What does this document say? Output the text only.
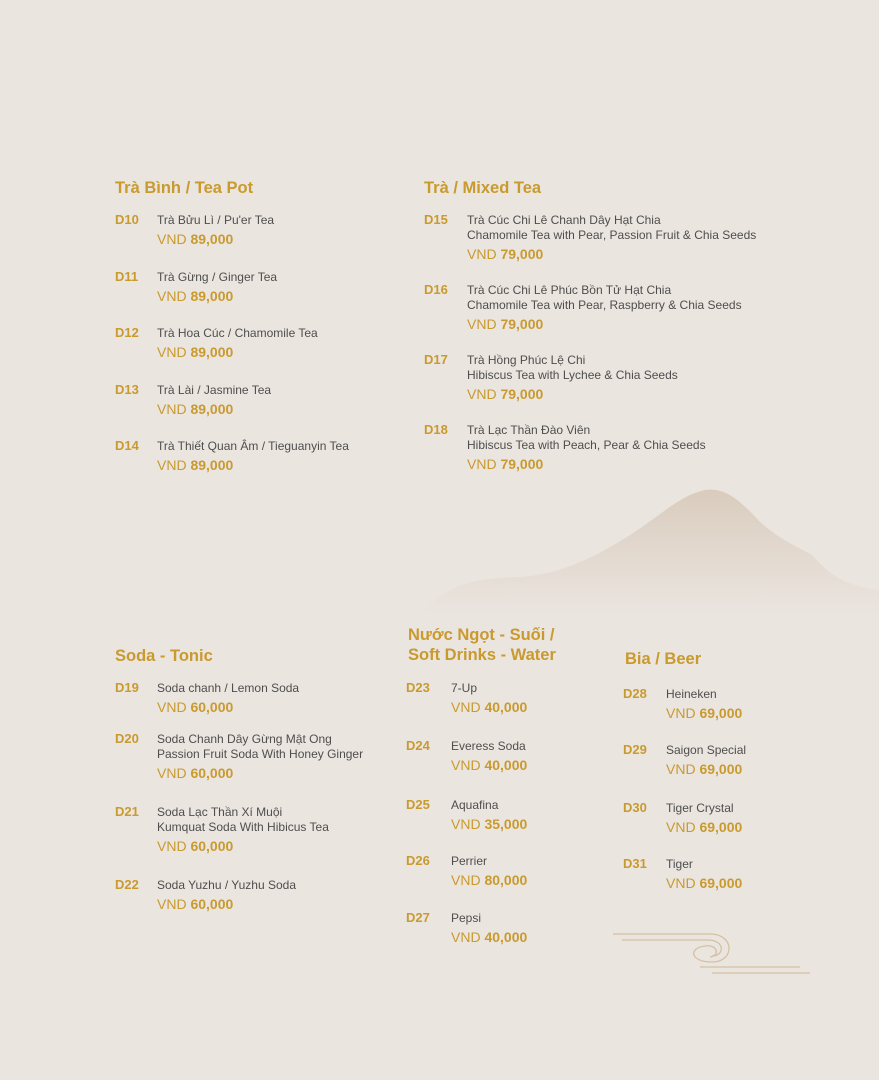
Trà Bình / Tea Pot
D10 Trà Bửu Lì / Pu'er Tea
VND 89,000
D11 Trà Gừng / Ginger Tea
VND 89,000
D12 Trà Hoa Cúc / Chamomile Tea
VND 89,000
D13 Trà Lài / Jasmine Tea
VND 89,000
D14 Trà Thiết Quan Âm / Tieguanyin Tea
VND 89,000
Trà / Mixed Tea
D15 Trà Cúc Chi Lê Chanh Dây Hạt Chia
Chamomile Tea with Pear, Passion Fruit & Chia Seeds
VND 79,000
D16 Trà Cúc Chi Lê Phúc Bồn Tử Hạt Chia
Chamomile Tea with Pear, Raspberry & Chia Seeds
VND 79,000
D17 Trà Hồng Phúc Lệ Chi
Hibiscus Tea with Lychee & Chia Seeds
VND 79,000
D18 Trà Lạc Thần Đào Viên
Hibiscus Tea with Peach, Pear & Chia Seeds
VND 79,000
Soda - Tonic
D19 Soda chanh / Lemon Soda
VND 60,000
D20 Soda Chanh Dây Gừng Mật Ong
Passion Fruit Soda With Honey Ginger
VND 60,000
D21 Soda Lạc Thần Xí Muội
Kumquat Soda With Hibicus Tea
VND 60,000
D22 Soda Yuzhu / Yuzhu Soda
VND 60,000
Nước Ngọt - Suối /
Soft Drinks - Water
D23 7-Up
VND 40,000
D24 Everess Soda
VND 40,000
D25 Aquafina
VND 35,000
D26 Perrier
VND 80,000
D27 Pepsi
VND 40,000
Bia / Beer
D28 Heineken
VND 69,000
D29 Saigon Special
VND 69,000
D30 Tiger Crystal
VND 69,000
D31 Tiger
VND 69,000
